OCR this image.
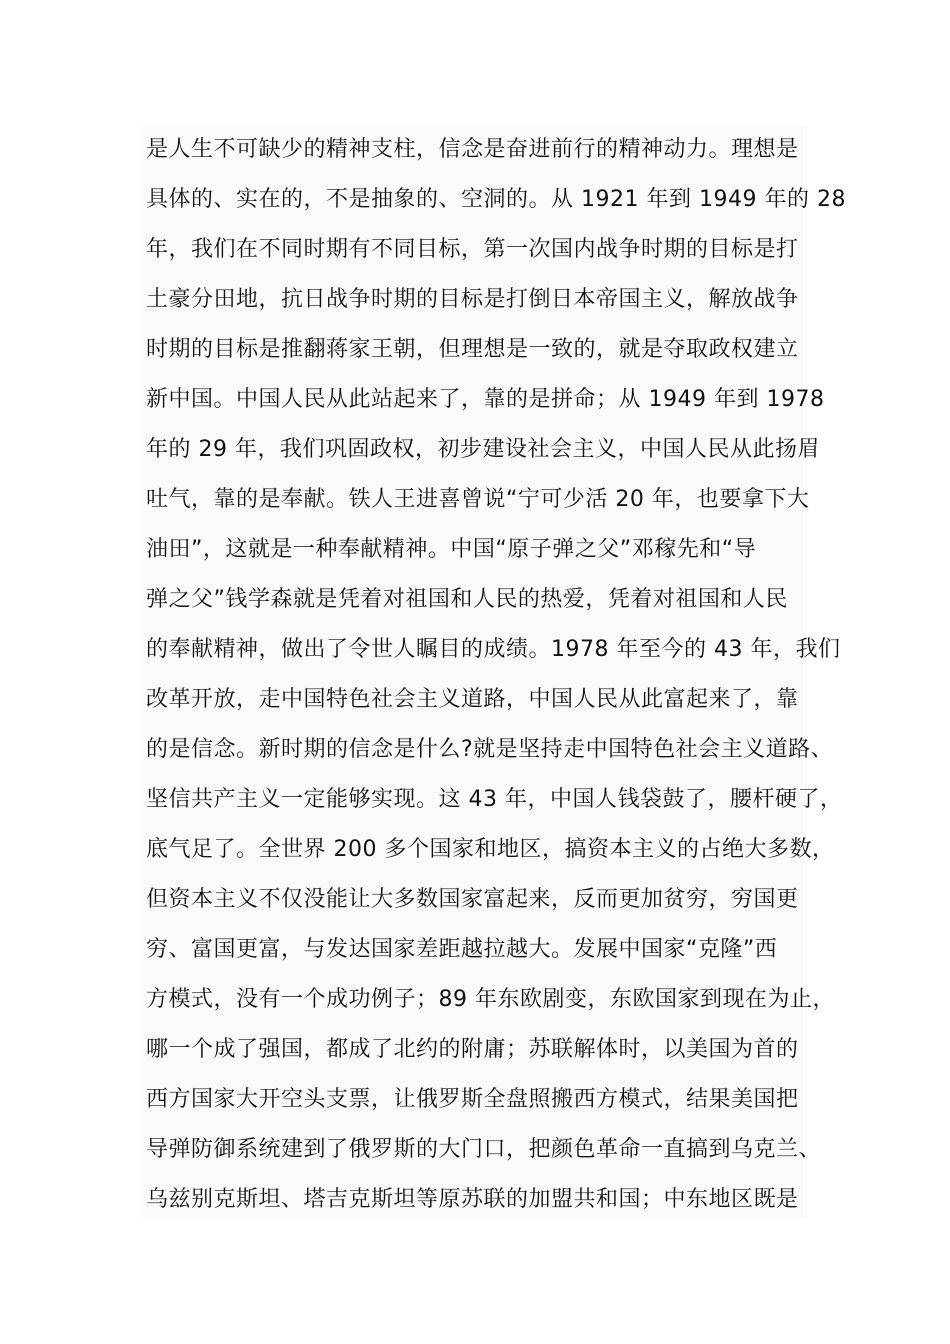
是人生不可缺少的精神支柱，信念是奋进前行的精神动力。理想是

具体的、实在的，不是抽象的、空洞的。从 1921 年到 1949 年的 28

年，我们在不同时期有不同目标，第一次国内战争时期的目标是打

土豪分田地，抗日战争时期的目标是打倒日本帝国主义，解放战争

时期的目标是推翻蒋家王朝，但理想是一致的，就是夺取政权建立

新中国。中国人民从此站起来了，靠的是拼命；从 1949 年到 1978

年的 29 年，我们巩固政权，初步建设社会主义，中国人民从此扬眉

吐气，靠的是奉献。铁人王进喜曾说“宁可少活 20 年，也要拿下大

油田”，这就是一种奉献精神。中国“原子弹之父”邓稼先和“导

弹之父”钱学森就是凭着对祖国和人民的热爱，凭着对祖国和人民

的奉献精神，做出了令世人瞩目的成绩。1978 年至今的 43 年，我们

改革开放，走中国特色社会主义道路，中国人民从此富起来了，靠

的是信念。新时期的信念是什么?就是坚持走中国特色社会主义道路、

坚信共产主义一定能够实现。这 43 年，中国人钱袋鼓了，腰杆硬了，

底气足了。全世界 200 多个国家和地区，搞资本主义的占绝大多数，

但资本主义不仅没能让大多数国家富起来，反而更加贫穷，穷国更

穷、富国更富，与发达国家差距越拉越大。发展中国家“克隆”西

方模式，没有一个成功例子；89 年东欧剧变，东欧国家到现在为止，

哪一个成了强国，都成了北约的附庸；苏联解体时，以美国为首的

西方国家大开空头支票，让俄罗斯全盘照搬西方模式，结果美国把

导弹防御系统建到了俄罗斯的大门口，把颜色革命一直搞到乌克兰、

乌兹别克斯坦、塔吉克斯坦等原苏联的加盟共和国；中东地区既是
